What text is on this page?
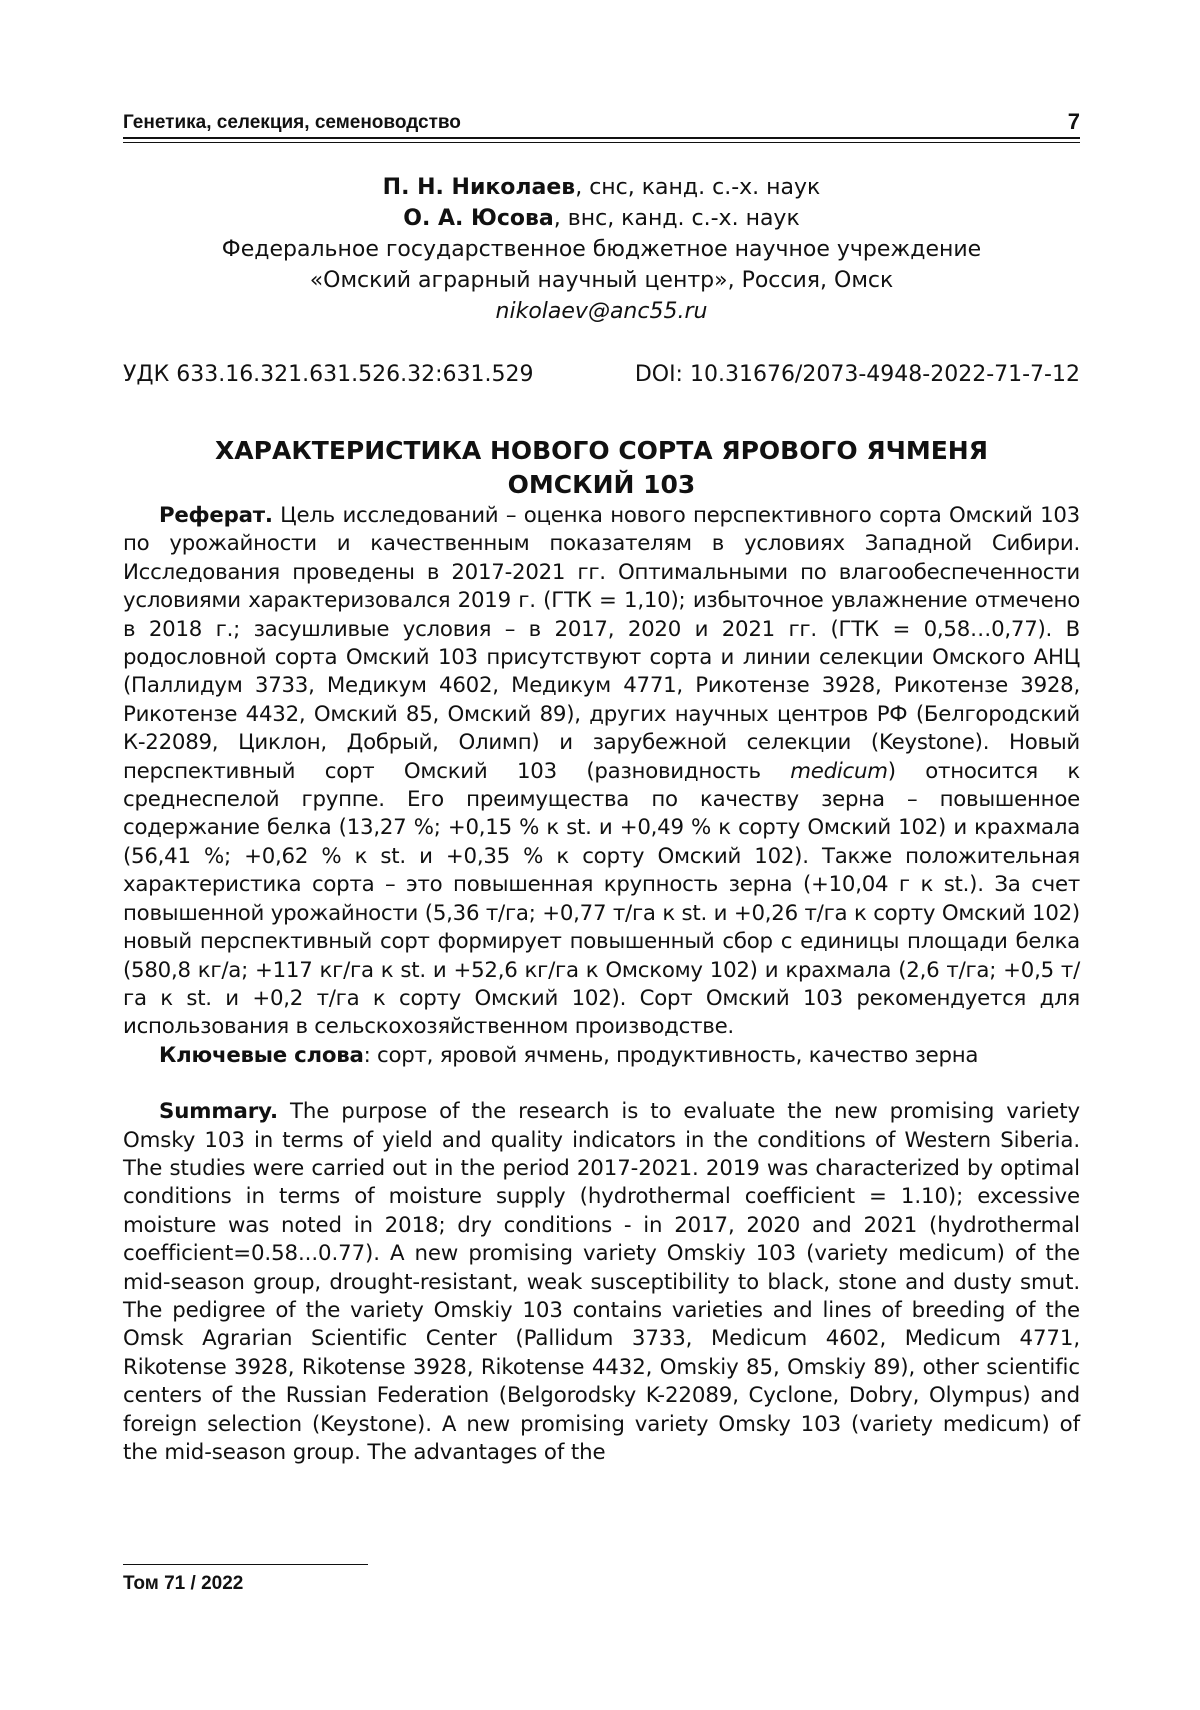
Генетика, селекция, семеноводство	7
П. Н. Николаев, снс, канд. с.-х. наук
О. А. Юсова, внс, канд. с.-х. наук
Федеральное государственное бюджетное научное учреждение
«Омский аграрный научный центр», Россия, Омск
nikolaev@anc55.ru
УДК 633.16.321.631.526.32:631.529	DOI: 10.31676/2073-4948-2022-71-7-12
ХАРАКТЕРИСТИКА НОВОГО СОРТА ЯРОВОГО ЯЧМЕНЯ
ОМСКИЙ 103

Реферат. Цель исследований – оценка нового перспективного сорта Омский 103 по урожайности и качественным показателям в условиях Западной Сибири. Исследования проведены в 2017-2021 гг. Оптимальными по влагообеспеченности условиями характеризовался 2019 г. (ГТК = 1,10); избыточное увлажнение отмечено в 2018 г.; засушливые условия – в 2017, 2020 и 2021 гг. (ГТК = 0,58…0,77). В родословной сорта Омский 103 присутствуют сорта и линии селекции Омского АНЦ (Паллидум 3733, Медикум 4602, Медикум 4771, Рикотензе 3928, Рикотензе 3928, Рикотензе 4432, Омский 85, Омский 89), других научных центров РФ (Белгородский К-22089, Циклон, Добрый, Олимп) и зарубежной селекции (Keystone). Новый перспективный сорт Омский 103 (разновидность medicum) относится к среднеспелой группе. Его преимущества по качеству зерна – повышенное содержание белка (13,27 %; +0,15 % к st. и +0,49 % к сорту Омский 102) и крахмала (56,41 %; +0,62 % к st. и +0,35 % к сорту Омский 102). Также положительная характеристика сорта – это повышенная крупность зерна (+10,04 г к st.). За счет повышенной урожайности (5,36 т/га; +0,77 т/га к st. и +0,26 т/га к сорту Омский 102) новый перспективный сорт формирует повышенный сбор с единицы площади белка (580,8 кг/а; +117 кг/га к st. и +52,6 кг/га к Омскому 102) и крахмала (2,6 т/га; +0,5 т/га к st. и +0,2 т/га к сорту Омский 102). Сорт Омский 103 рекомендуется для использования в сельскохозяйственном производстве.

Ключевые слова: сорт, яровой ячмень, продуктивность, качество зерна

Summary. The purpose of the research is to evaluate the new promising variety Omsky 103 in terms of yield and quality indicators in the conditions of Western Siberia. The studies were carried out in the period 2017-2021. 2019 was characterized by optimal conditions in terms of moisture supply (hydrothermal coefficient = 1.10); excessive moisture was noted in 2018; dry conditions - in 2017, 2020 and 2021 (hydrothermal coefficient=0.58...0.77). A new promising variety Omskiy 103 (variety medicum) of the mid-season group, drought-resistant, weak susceptibility to black, stone and dusty smut. The pedigree of the variety Omskiy 103 contains varieties and lines of breeding of the Omsk Agrarian Scientific Center (Pallidum 3733, Medicum 4602, Medicum 4771, Rikotense 3928, Rikotense 3928, Rikotense 4432, Omskiy 85, Omskiy 89), other scientific centers of the Russian Federation (Belgorodsky K-22089, Cyclone, Dobry, Olympus) and foreign selection (Keystone). A new promising variety Omsky 103 (variety medicum) of the mid-season group. The advantages of the

Том 71 / 2022
